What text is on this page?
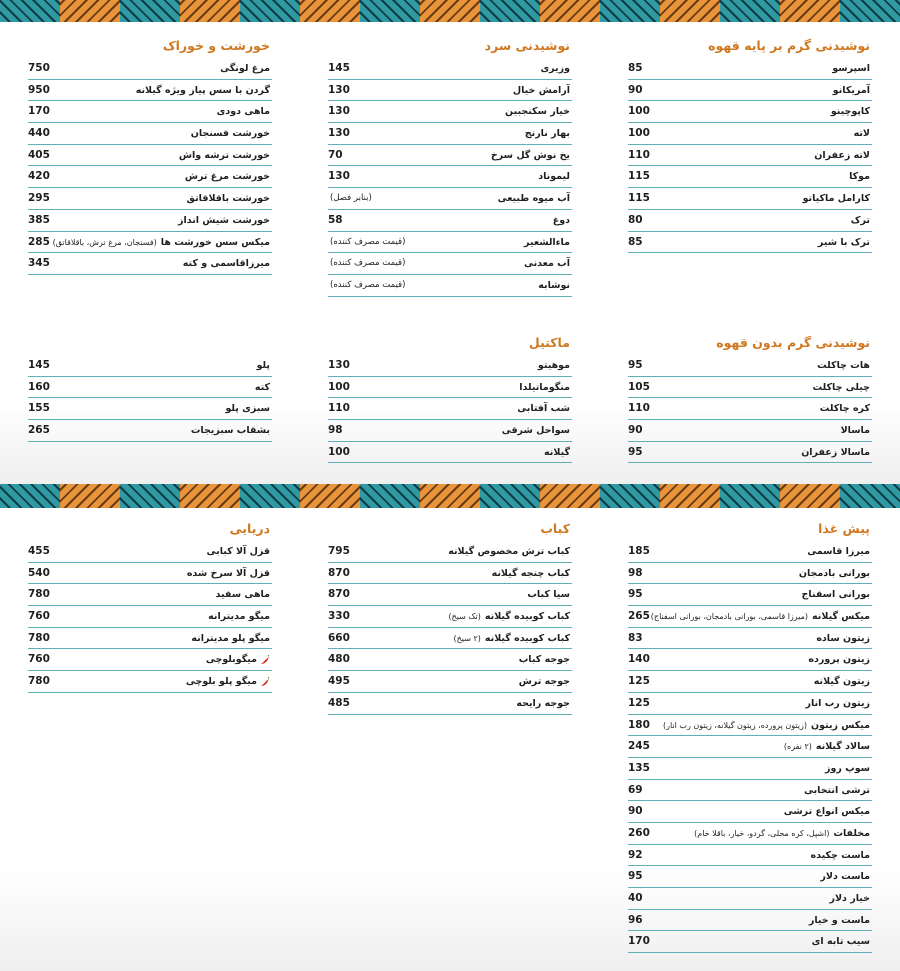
نوشیدنی گرم بر پایه قهوه
اسپرسو
85
آمریکانو
90
کاپوچینو
100
لاته
100
لاته زعفران
110
موکا
115
کارامل ماکیاتو
115
ترک
80
ترک با شیر
85
نوشیدنی سرد
وزیری
145
آرامش خیال
130
خیار سکنجبین
130
بهار نارنج
130
یخ نوش گل سرخ
70
لیموناد
130
آب میوه طبیعی
(بنابر فصل)
دوغ
58
ماءالشعیر
(قیمت مصرف کننده)
آب معدنی
(قیمت مصرف کننده)
نوشابه
(قیمت مصرف کننده)
خورشت و خوراک
مرغ لونگی
750
گردن با سس پیاز ویژه گیلانه
950
ماهی دودی
170
خورشت فسنجان
440
خورشت ترشه واش
405
خورشت مرغ ترش
420
خورشت باقلاقاتق
295
خورشت شیش انداز
385
میکس سس خورشت ها(فسنجان، مرغ ترش، باقلاقاتق)
285
میرزاقاسمی و کته
345
نوشیدنی گرم بدون قهوه
هات چاکلت
95
چیلی چاکلت
105
کره چاکلت
110
ماسالا
90
ماسالا زعفران
95
ماکتیل
موهیتو
130
منگوماتیلدا
100
شب آفتابی
110
سواحل شرقی
98
گیلانه
100
پلو
145
کته
160
سبزی پلو
155
بشقاب سبزیجات
265
پیش غذا
میرزا قاسمی
185
بورانی بادمجان
98
بورانی اسفناج
95
میکس گیلانه(میرزا قاسمی، بورانی بادمجان، بورانی اسفناج)
265
زیتون ساده
83
زیتون پرورده
140
زیتون گیلانه
125
زیتون رب انار
125
میکس زیتون(زیتون پرورده، زیتون گیلانه، زیتون رب انار)
180
سالاد گیلانه(۲ نفره)
245
سوپ روز
135
ترشی انتخابی
69
میکس انواع ترشی
90
مخلفات(اشپل، کره محلی، گردو، خیار، باقلا خام)
260
ماست چکیده
92
ماست دلار
95
خیار دلار
40
ماست و خیار
96
سیب تابه ای
170
کباب
کباب ترش مخصوص گیلانه
795
کباب چنجه گیلانه
870
سیا کباب
870
کباب کوبیده گیلانه(تک سیخ)
330
کباب کوبیده گیلانه(۲ سیخ)
660
جوجه کباب
480
جوجه ترش
495
جوجه رایحه
485
دریایی
قزل آلا کبابی
455
قزل آلا سرخ شده
540
ماهی سفید
780
میگو مدیترانه
760
میگو پلو مدیترانه
780
میگوبلوچی
760
میگو پلو بلوچی
780
